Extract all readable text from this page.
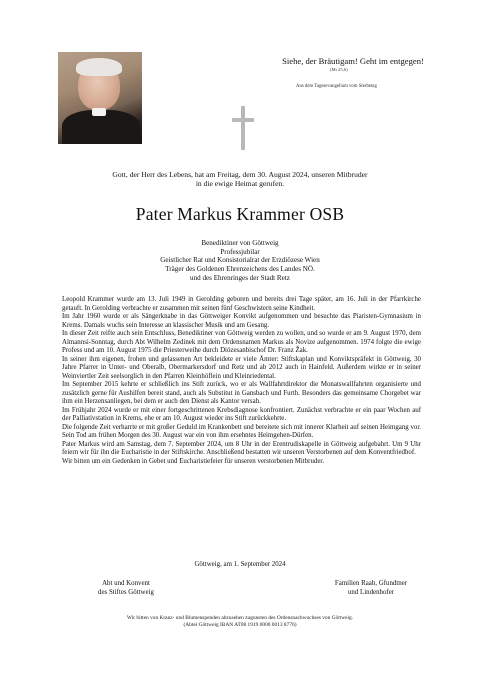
Siehe, der Bräutigam! Geht im entgegen!
(Mt 25,6)
Aus dem Tagesevangelium vom Sterbetag
Gott, der Herr des Lebens, hat am Freitag, dem 30. August 2024, unseren Mitbruder
in die ewige Heimat gerufen.
Pater Markus Krammer OSB
Benediktiner von Göttweig
Professjubilar
Geistlicher Rat und Konsistorialrat der Erzdiözese Wien
Träger des Goldenen Ehrenzeichens des Landes NÖ.
und des Ehrenringes der Stadt Retz

Leopold Krammer wurde am 13. Juli 1949 in Gerolding geboren und bereits drei Tage später, am 16. Juli in der Pfarrkirche getauft. In Gerolding verbrachte er zusammen mit seinen fünf Geschwistern seine Kindheit.

Im Jahr 1960 wurde er als Sängerknabe in das Göttweiger Konvikt aufgenommen und besuchte das Piaristen-Gymnasium in Krems. Damals wuchs sein Interesse an klassischer Musik und am Gesang.

In dieser Zeit reifte auch sein Entschluss, Benediktiner von Göttweig werden zu wollen, und so wurde er am 9. August 1970, dem Almannsi-Sonntag, durch Abt Wilhelm Zedinek mit dem Ordensnamen Markus als Novize aufgenommen. 1974 folgte die ewige Profess und am 10. August 1975 die Priesterweihe durch Diözesanbischof Dr. Franz Žak.

In seiner ihm eigenen, frohen und gelassenen Art bekleidete er viele Ämter: Stiftskaplan und Konviktspräfekt in Göttweig, 30 Jahre Pfarrer in Unter- und Oberalb, Obermarkersdorf und Retz und ab 2012 auch in Hainfeld. Außerdem wirkte er in seiner Weinviertler Zeit seelsorglich in den Pfarren Kleinhöflein und Kleinriedental.

Im September 2015 kehrte er schließlich ins Stift zurück, wo er als Wallfahrtdirektor die Monatswallfahrten organisierte und zusätzlich gerne für Aushilfen bereit stand, auch als Substitut in Gansbach und Furth. Besonders das gemeinsame Chorgebet war ihm ein Herzensanliegen, bei dem er auch den Dienst als Kantor versah.

Im Frühjahr 2024 wurde er mit einer fortgeschrittenen Krebsdiagnose konfrontiert. Zunächst verbrachte er ein paar Wochen auf der Palliativstation in Krems, ehe er am 10. August wieder ins Stift zurückkehrte.

Die folgende Zeit verharrte er mit großer Geduld im Krankenbett und bereitete sich mit innerer Klarheit auf seinen Heimgang vor. Sein Tod am frühen Morgen des 30. August war ein von ihm ersehntes Heimgehen-Dürfen.

Pater Markus wird am Samstag, dem 7. September 2024, um 8 Uhr in der Erentrudiskapelle in Göttweig aufgebahrt. Um 9 Uhr feiern wir für ihn die Eucharistie in der Stiftskirche. Anschließend bestatten wir unseren Verstorbenen auf dem Konventfriedhof.

Wir bitten um ein Gedenken in Gebet und Eucharistiefeier für unseren verstorbenen Mitbruder.

Göttweig, am 1. September 2024
Abt und Konvent
des Stiftes Göttweig
Familien Raab, Gfundtner
und Lindenhofer
Wir bitten von Kranz- und Blumenspenden abzusehen zugunsten des Ordensnachwuchses von Göttweig.
(Abtei Göttweig IBAN AT08 1919 0000 0013 8776)
